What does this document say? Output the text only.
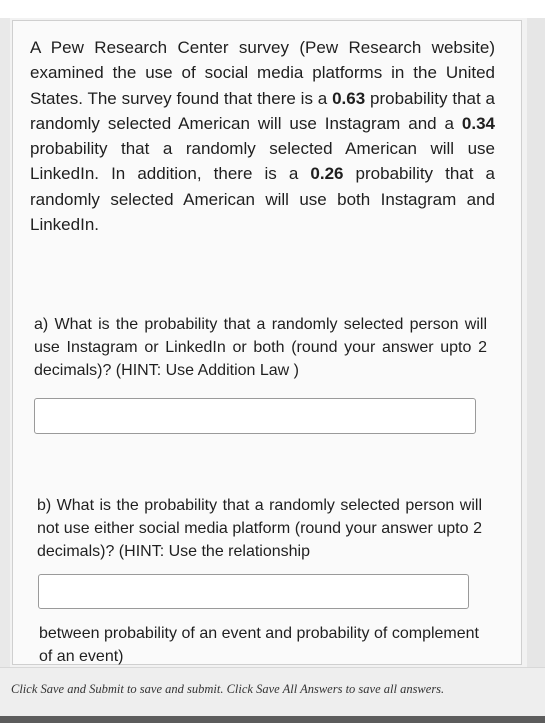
A Pew Research Center survey (Pew Research website) examined the use of social media platforms in the United States. The survey found that there is a 0.63 probability that a randomly selected American will use Instagram and a 0.34 probability that a randomly selected American will use LinkedIn. In addition, there is a 0.26 probability that a randomly selected American will use both Instagram and LinkedIn.

a) What is the probability that a randomly selected person will use Instagram or LinkedIn or both (round your answer upto 2 decimals)? (HINT: Use Addition Law )

b) What is the probability that a randomly selected person will not use either social media platform (round your answer upto 2 decimals)? (HINT: Use the relationship

between probability of an event and probability of complement of an event)

Click Save and Submit to save and submit. Click Save All Answers to save all answers.
